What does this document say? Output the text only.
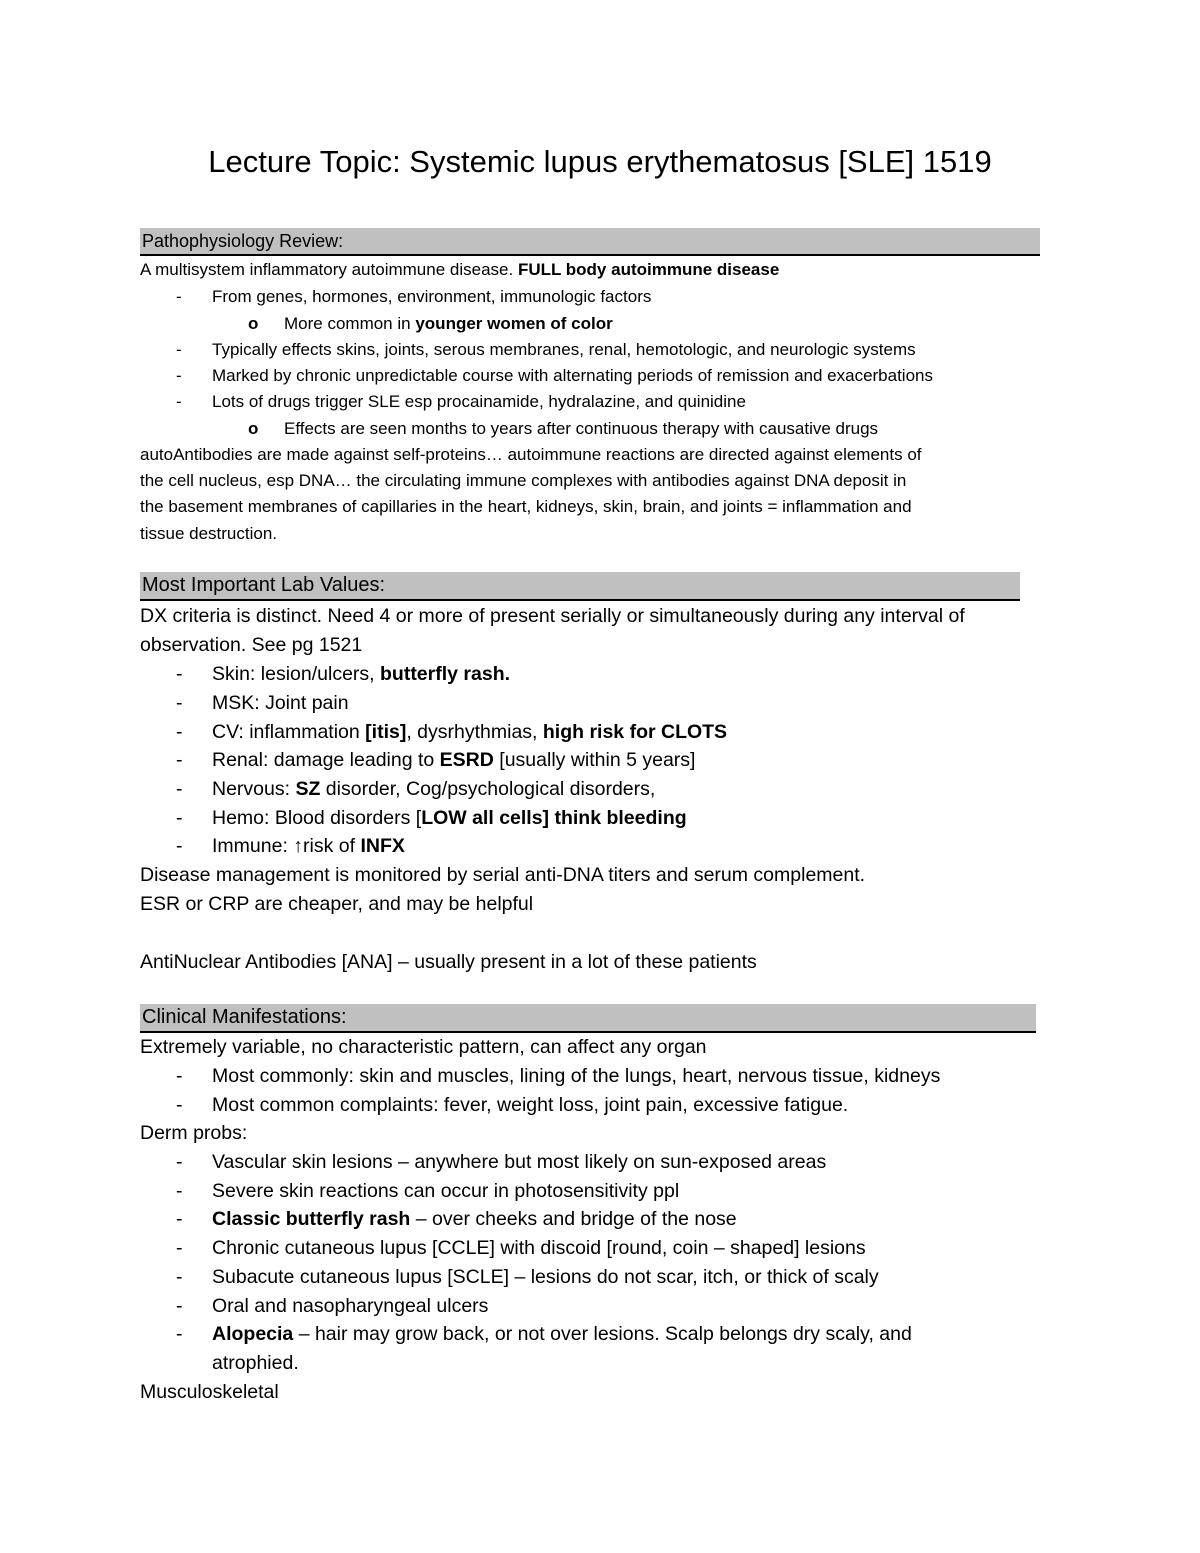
Lecture Topic: Systemic lupus erythematosus [SLE] 1519
Pathophysiology Review:
A multisystem inflammatory autoimmune disease. FULL body autoimmune disease
- From genes, hormones, environment, immunologic factors
o More common in younger women of color
- Typically effects skins, joints, serous membranes, renal, hemotologic, and neurologic systems
- Marked by chronic unpredictable course with alternating periods of remission and exacerbations
- Lots of drugs trigger SLE esp procainamide, hydralazine, and quinidine
o Effects are seen months to years after continuous therapy with causative drugs
autoAntibodies are made against self-proteins… autoimmune reactions are directed against elements of
the cell nucleus, esp DNA… the circulating immune complexes with antibodies against DNA deposit in
the basement membranes of capillaries in the heart, kidneys, skin, brain, and joints = inflammation and
tissue destruction.
Most Important Lab Values:
DX criteria is distinct. Need 4 or more of present serially or simultaneously during any interval of
observation. See pg 1521
- Skin: lesion/ulcers, butterfly rash.
- MSK: Joint pain
- CV: inflammation [itis], dysrhythmias, high risk for CLOTS
- Renal: damage leading to ESRD [usually within 5 years]
- Nervous: SZ disorder, Cog/psychological disorders,
- Hemo: Blood disorders [LOW all cells] think bleeding
- Immune: ↑risk of INFX
Disease management is monitored by serial anti-DNA titers and serum complement.
ESR or CRP are cheaper, and may be helpful
AntiNuclear Antibodies [ANA] – usually present in a lot of these patients
Clinical Manifestations:
Extremely variable, no characteristic pattern, can affect any organ
- Most commonly: skin and muscles, lining of the lungs, heart, nervous tissue, kidneys
- Most common complaints: fever, weight loss, joint pain, excessive fatigue.
Derm probs:
- Vascular skin lesions – anywhere but most likely on sun-exposed areas
- Severe skin reactions can occur in photosensitivity ppl
- Classic butterfly rash – over cheeks and bridge of the nose
- Chronic cutaneous lupus [CCLE] with discoid [round, coin – shaped] lesions
- Subacute cutaneous lupus [SCLE] – lesions do not scar, itch, or thick of scaly
- Oral and nasopharyngeal ulcers
- Alopecia – hair may grow back, or not over lesions. Scalp belongs dry scaly, and
atrophied.
Musculoskeletal
